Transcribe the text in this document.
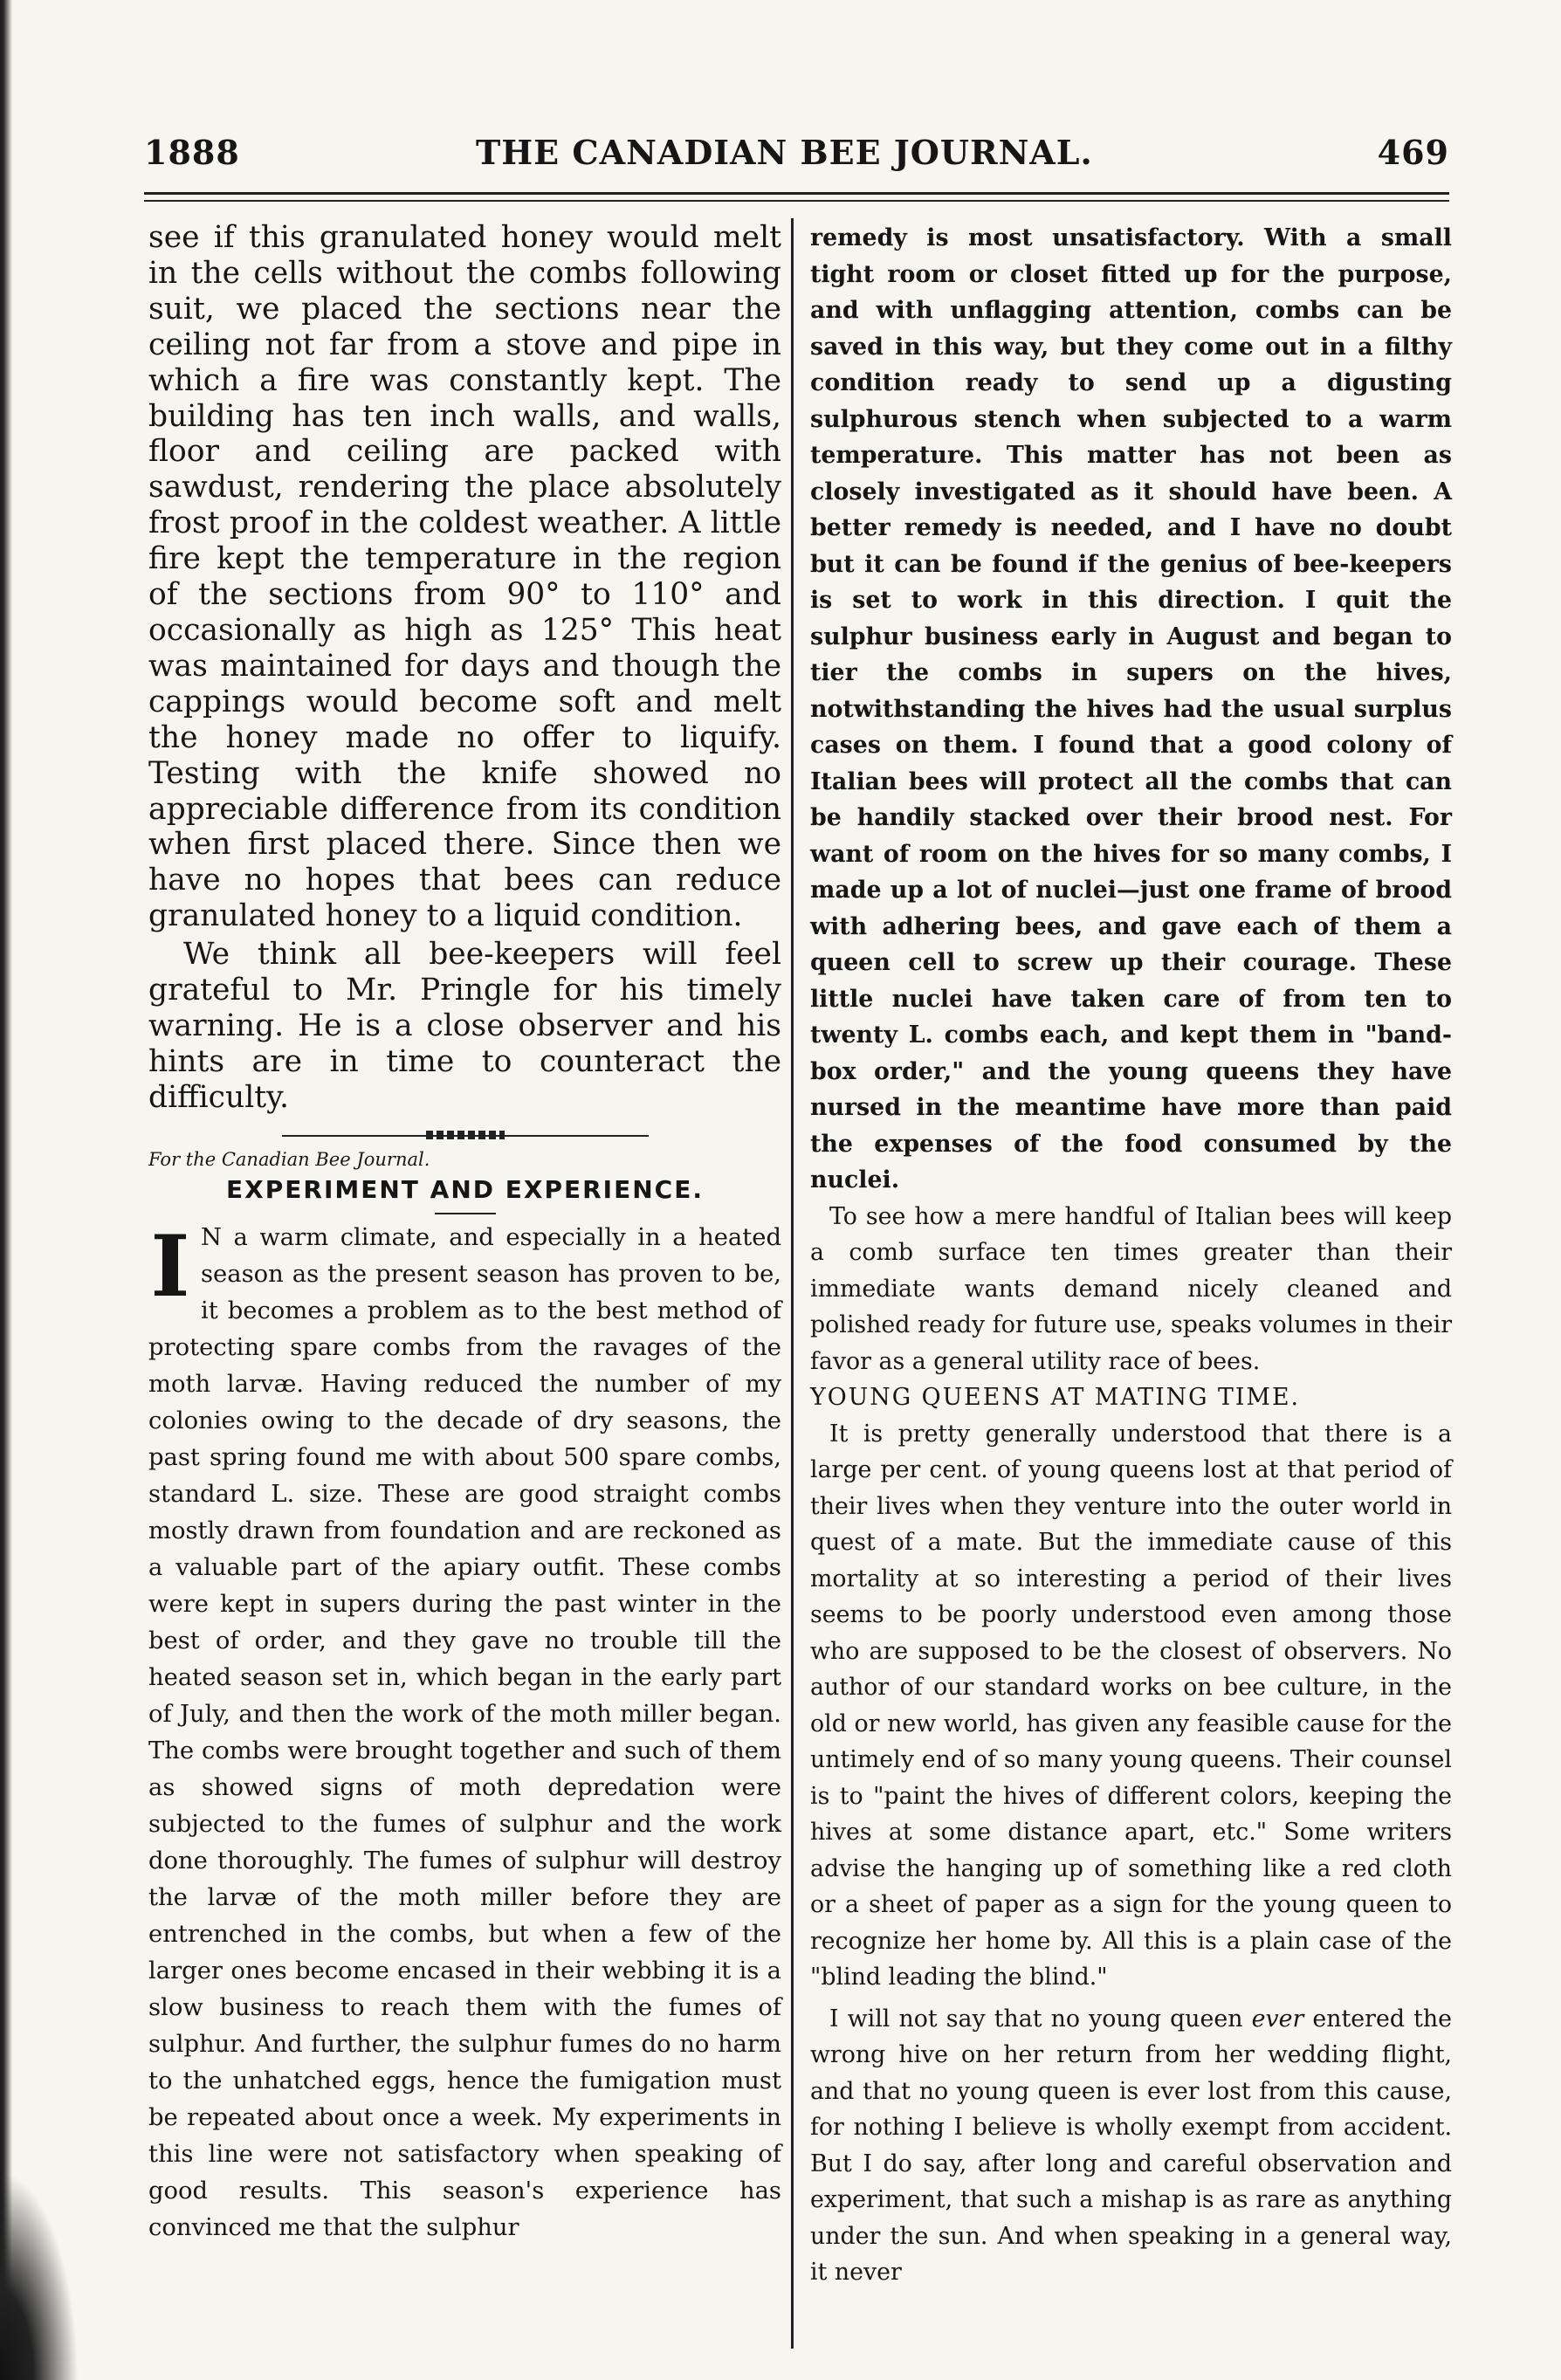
1888	THE CANADIAN BEE JOURNAL.	469

see if this granulated honey would melt in the cells without the combs following suit, we placed the sections near the ceiling not far from a stove and pipe in which a fire was constantly kept. The building has ten inch walls, and walls, floor and ceiling are packed with sawdust, rendering the place absolutely frost proof in the coldest weather. A little fire kept the temperature in the region of the sections from 90° to 110° and occasionally as high as 125° This heat was maintained for days and though the cappings would become soft and melt the honey made no offer to liquify. Testing with the knife showed no appreciable difference from its condition when first placed there. Since then we have no hopes that bees can reduce granulated honey to a liquid condition.

We think all bee-keepers will feel grateful to Mr. Pringle for his timely warning. He is a close observer and his hints are in time to counteract the difficulty.

For the Canadian Bee Journal.

EXPERIMENT AND EXPERIENCE.

I N a warm climate, and especially in a heated season as the present season has proven to be, it becomes a problem as to the best method of protecting spare combs from the ravages of the moth larvæ. Having reduced the number of my colonies owing to the decade of dry seasons, the past spring found me with about 500 spare combs, standard L. size. These are good straight combs mostly drawn from foundation and are reckoned as a valuable part of the apiary outfit. These combs were kept in supers during the past winter in the best of order, and they gave no trouble till the heated season set in, which began in the early part of July, and then the work of the moth miller began. The combs were brought together and such of them as showed signs of moth depredation were subjected to the fumes of sulphur and the work done thoroughly. The fumes of sulphur will destroy the larvæ of the moth miller before they are entrenched in the combs, but when a few of the larger ones become encased in their webbing it is a slow business to reach them with the fumes of sulphur. And further, the sulphur fumes do no harm to the unhatched eggs, hence the fumigation must be repeated about once a week. My experiments in this line were not satisfactory when speaking of good results. This season's experience has convinced me that the sulphur

remedy is most unsatisfactory. With a small tight room or closet fitted up for the purpose, and with unflagging attention, combs can be saved in this way, but they come out in a filthy condition ready to send up a digusting sulphurous stench when subjected to a warm temperature. This matter has not been as closely investigated as it should have been. A better remedy is needed, and I have no doubt but it can be found if the genius of bee-keepers is set to work in this direction. I quit the sulphur business early in August and began to tier the combs in supers on the hives, notwithstanding the hives had the usual surplus cases on them. I found that a good colony of Italian bees will protect all the combs that can be handily stacked over their brood nest. For want of room on the hives for so many combs, I made up a lot of nuclei—just one frame of brood with adhering bees, and gave each of them a queen cell to screw up their courage. These little nuclei have taken care of from ten to twenty L. combs each, and kept them in "band-box order," and the young queens they have nursed in the meantime have more than paid the expenses of the food consumed by the nuclei.

To see how a mere handful of Italian bees will keep a comb surface ten times greater than their immediate wants demand nicely cleaned and polished ready for future use, speaks volumes in their favor as a general utility race of bees.

YOUNG QUEENS AT MATING TIME.

It is pretty generally understood that there is a large per cent. of young queens lost at that period of their lives when they venture into the outer world in quest of a mate. But the immediate cause of this mortality at so interesting a period of their lives seems to be poorly understood even among those who are supposed to be the closest of observers. No author of our standard works on bee culture, in the old or new world, has given any feasible cause for the untimely end of so many young queens. Their counsel is to "paint the hives of different colors, keeping the hives at some distance apart, etc." Some writers advise the hanging up of something like a red cloth or a sheet of paper as a sign for the young queen to recognize her home by. All this is a plain case of the "blind leading the blind."

I will not say that no young queen ever entered the wrong hive on her return from her wedding flight, and that no young queen is ever lost from this cause, for nothing I believe is wholly exempt from accident. But I do say, after long and careful observation and experiment, that such a mishap is as rare as anything under the sun. And when speaking in a general way, it never
